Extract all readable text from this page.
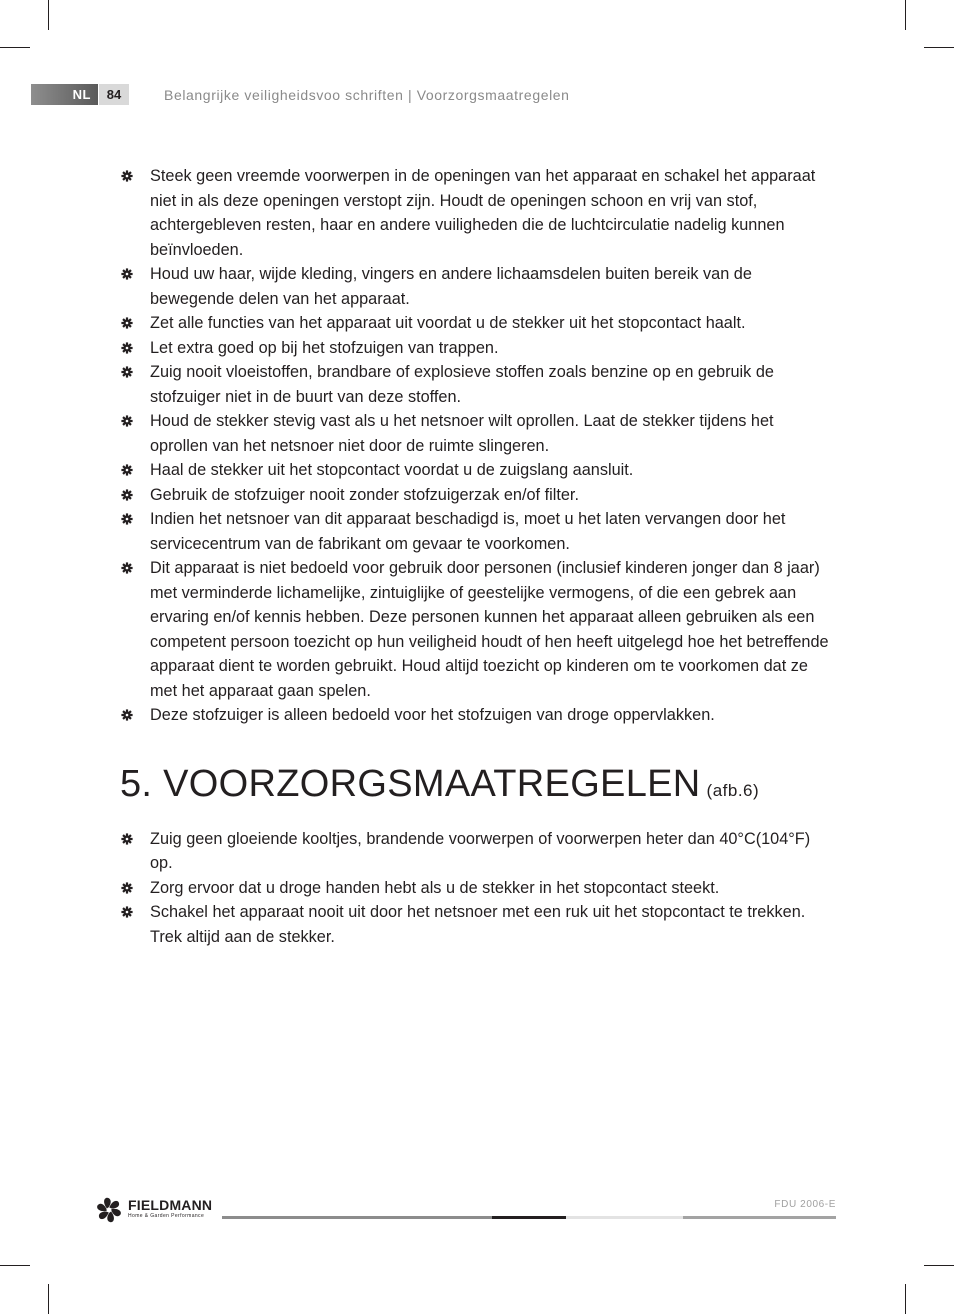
NL	84	Belangrijke veiligheidsvoo schriften | Voorzorgsmaatregelen
Steek geen vreemde voorwerpen in de openingen van het apparaat en schakel het apparaat niet in als deze openingen verstopt zijn. Houdt de openingen schoon en vrij van stof, achtergebleven resten, haar en andere vuiligheden die de luchtcirculatie nadelig kunnen beïnvloeden.
Houd uw haar, wijde kleding, vingers en andere lichaamsdelen buiten bereik van de bewegende delen van het apparaat.
Zet alle functies van het apparaat uit voordat u de stekker uit het stopcontact haalt.
Let extra goed op bij het stofzuigen van trappen.
Zuig nooit vloeistoffen, brandbare of explosieve stoffen zoals benzine op en gebruik de stofzuiger niet in de buurt van deze stoffen.
Houd de stekker stevig vast als u het netsnoer wilt oprollen. Laat de stekker tijdens het oprollen van het netsnoer niet door de ruimte slingeren.
Haal de stekker uit het stopcontact voordat u de zuigslang aansluit.
Gebruik de stofzuiger nooit zonder stofzuigerzak en/of filter.
Indien het netsnoer van dit apparaat beschadigd is, moet u het laten vervangen door het servicecentrum van de fabrikant om gevaar te voorkomen.
Dit apparaat is niet bedoeld voor gebruik door personen (inclusief kinderen jonger dan 8 jaar) met verminderde lichamelijke, zintuiglijke of geestelijke vermogens, of die een gebrek aan ervaring en/of kennis hebben. Deze personen kunnen het apparaat alleen gebruiken als een competent persoon toezicht op hun veiligheid houdt of hen heeft uitgelegd hoe het betreffende apparaat dient te worden gebruikt. Houd altijd toezicht op kinderen om te voorkomen dat ze met het apparaat gaan spelen.
Deze stofzuiger is alleen bedoeld voor het stofzuigen van droge oppervlakken.
5. VOORZORGSMAATREGELEN (afb.6)
Zuig geen gloeiende kooltjes, brandende voorwerpen of voorwerpen heter dan 40°C(104°F) op.
Zorg ervoor dat u droge handen hebt als u de stekker in het stopcontact steekt.
Schakel het apparaat nooit uit door het netsnoer met een ruk uit het stopcontact te trekken. Trek altijd aan de stekker.
FIELDMANN
Home & Garden Performance
FDU 2006-E
